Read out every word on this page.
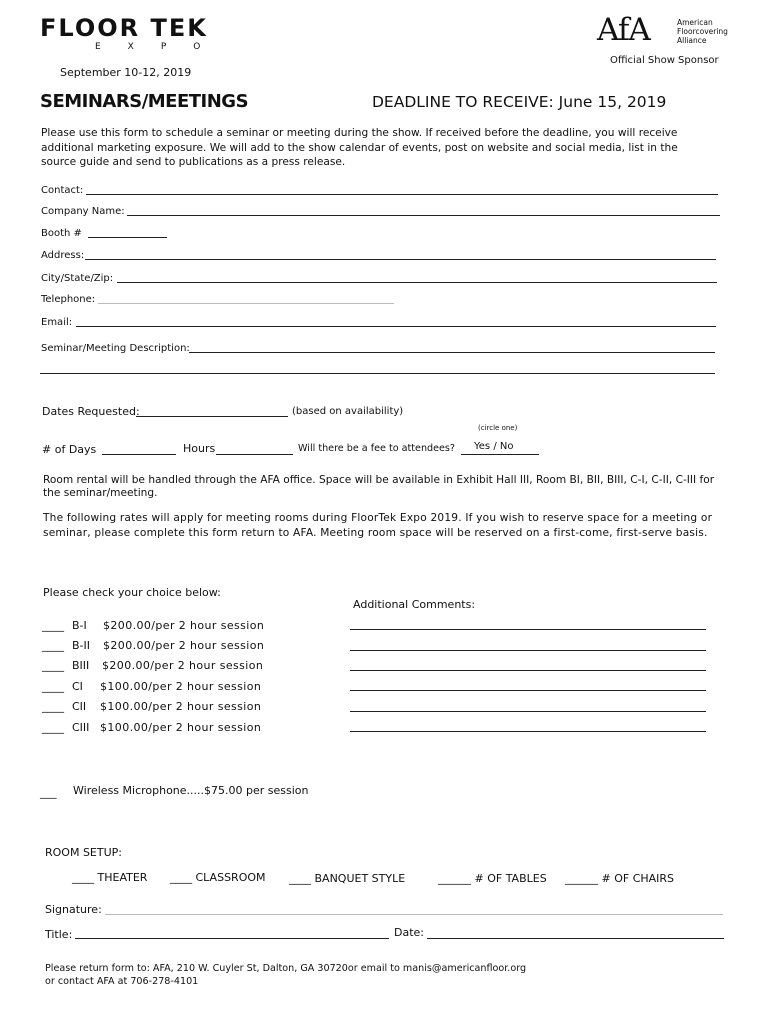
FLOOR TEK
EXPO	AfA	American Floorcovering Alliance
Official Show Sponsor
September 10-12, 2019
SEMINARS/MEETINGS	DEADLINE TO RECEIVE: June 15, 2019
Please use this form to schedule a seminar or meeting during the show. If received before the deadline, you will receive additional marketing exposure. We will add to the show calendar of events, post on website and social media, list in the source guide and send to publications as a press release.
Contact:
Company Name:
Booth #
Address:
City/State/Zip:
Telephone:
Email:
Seminar/Meeting Description:
Dates Requested:	(based on availability)
(circle one)
# of Days	Hours	Will there be a fee to attendees? Yes / No
Room rental will be handled through the AFA office. Space will be available in Exhibit Hall III, Room BI, BII, BIII, C-I, C-II, C-III for the seminar/meeting.
The following rates will apply for meeting rooms during FloorTek Expo 2019. If you wish to reserve space for a meeting or seminar, please complete this form return to AFA. Meeting room space will be reserved on a first-come, first-serve basis.
Please check your choice below:
Additional Comments:
____ B-I $200.00/per 2 hour session
____ B-II $200.00/per 2 hour session
____ BIII $200.00/per 2 hour session
____ CI $100.00/per 2 hour session
____ CII $100.00/per 2 hour session
____ CIII $100.00/per 2 hour session
___ Wireless Microphone.....$75.00 per session
ROOM SETUP:
____ THEATER ____ CLASSROOM ____ BANQUET STYLE	______ # OF TABLES ______ # OF CHAIRS
Signature:
Title:	Date:
Please return form to: AFA, 210 W. Cuyler St, Dalton, GA 30720or email to manis@americanfloor.org
or contact AFA at 706-278-4101
